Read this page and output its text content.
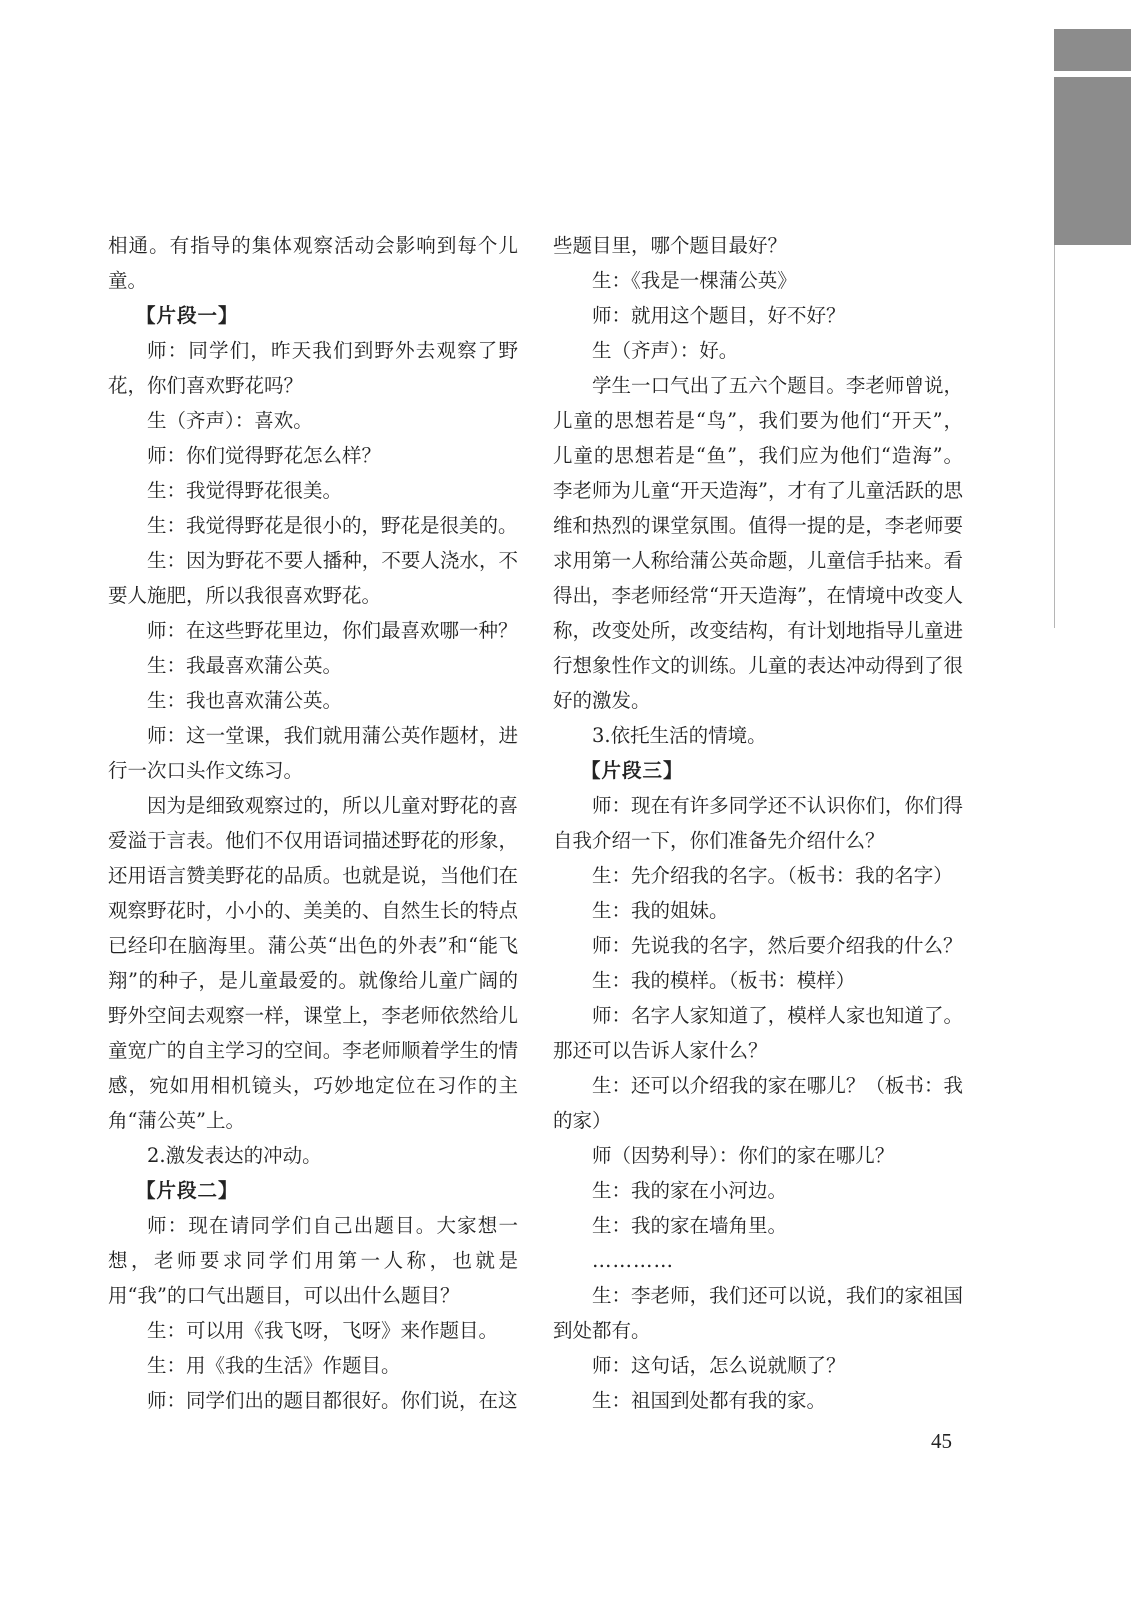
相通。有指导的集体观察活动会影响到每个儿童。

【片段一】

师：同学们，昨天我们到野外去观察了野花，你们喜欢野花吗？

生（齐声）：喜欢。

师：你们觉得野花怎么样？

生：我觉得野花很美。

生：我觉得野花是很小的，野花是很美的。

生：因为野花不要人播种，不要人浇水，不要人施肥，所以我很喜欢野花。

师：在这些野花里边，你们最喜欢哪一种？

生：我最喜欢蒲公英。

生：我也喜欢蒲公英。

师：这一堂课，我们就用蒲公英作题材，进行一次口头作文练习。

因为是细致观察过的，所以儿童对野花的喜爱溢于言表。他们不仅用语词描述野花的形象，还用语言赞美野花的品质。也就是说，当他们在观察野花时，小小的、美美的、自然生长的特点已经印在脑海里。蒲公英“出色的外表”和“能飞翔”的种子，是儿童最爱的。就像给儿童广阔的野外空间去观察一样，课堂上，李老师依然给儿童宽广的自主学习的空间。李老师顺着学生的情感，宛如用相机镜头，巧妙地定位在习作的主角“蒲公英”上。

2.激发表达的冲动。

【片段二】

师：现在请同学们自己出题目。大家想一想，老师要求同学们用第一人称，也就是用“我”的口气出题目，可以出什么题目？

生：可以用《我飞呀，飞呀》来作题目。

生：用《我的生活》作题目。

师：同学们出的题目都很好。你们说，在这

些题目里，哪个题目最好？

生：《我是一棵蒲公英》

师：就用这个题目，好不好？

生（齐声）：好。

学生一口气出了五六个题目。李老师曾说，儿童的思想若是“鸟”，我们要为他们“开天”，儿童的思想若是“鱼”，我们应为他们“造海”。李老师为儿童“开天造海”，才有了儿童活跃的思维和热烈的课堂氛围。值得一提的是，李老师要求用第一人称给蒲公英命题，儿童信手拈来。看得出，李老师经常“开天造海”，在情境中改变人称，改变处所，改变结构，有计划地指导儿童进行想象性作文的训练。儿童的表达冲动得到了很好的激发。

3.依托生活的情境。

【片段三】

师：现在有许多同学还不认识你们，你们得自我介绍一下，你们准备先介绍什么？

生：先介绍我的名字。（板书：我的名字）

生：我的姐妹。

师：先说我的名字，然后要介绍我的什么？

生：我的模样。（板书：模样）

师：名字人家知道了，模样人家也知道了。那还可以告诉人家什么？

生：还可以介绍我的家在哪儿？（板书：我的家）

师（因势利导）：你们的家在哪儿？

生：我的家在小河边。

生：我的家在墙角里。

…………

生：李老师，我们还可以说，我们的家祖国到处都有。

师：这句话，怎么说就顺了？

生：祖国到处都有我的家。

45
